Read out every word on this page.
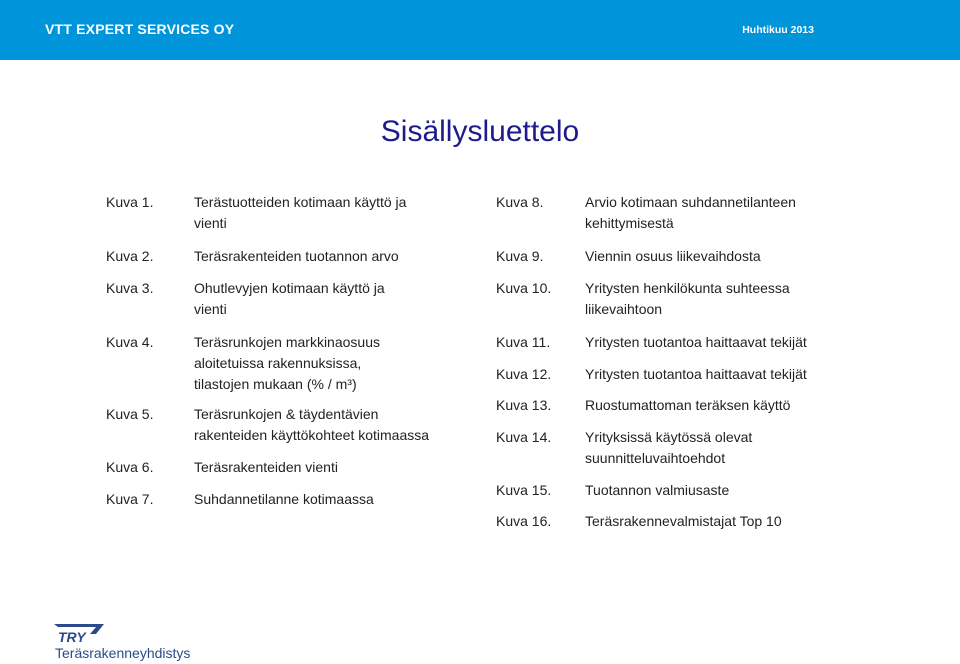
VTT EXPERT SERVICES OY	Huhtikuu 2013
Sisällysluettelo
Kuva 1.	Terästuotteiden kotimaan käyttö ja
vienti
Kuva 2.	Teräsrakenteiden tuotannon arvo
Kuva 3.	Ohutlevyjen kotimaan käyttö ja
vienti
Kuva 4.	Teräsrunkojen markkinaosuus
aloitetuissa rakennuksissa,
tilastojen mukaan (% / m³)
Kuva 5.	Teräsrunkojen & täydentävien
rakenteiden käyttökohteet kotimaassa
Kuva 6.	Teräsrakenteiden vienti
Kuva 7.	Suhdannetilanne kotimaassa
Kuva 8.	Arvio kotimaan suhdannetilanteen
kehittymisestä
Kuva 9.	Viennin osuus liikevaihdosta
Kuva 10. Yritysten henkilökunta suhteessa
liikevaihtoon
Kuva 11. Yritysten tuotantoa haittaavat tekijät
Kuva 12. Yritysten tuotantoa haittaavat tekijät
Kuva 13. Ruostumattoman teräksen käyttö
Kuva 14. Yrityksissä käytössä olevat
suunnitteluvaihtoehdot
Kuva 15. Tuotannon valmiusaste
Kuva 16. Teräsrakennevalmistajat Top 10
TRY
Teräsrakenneyhdistys
